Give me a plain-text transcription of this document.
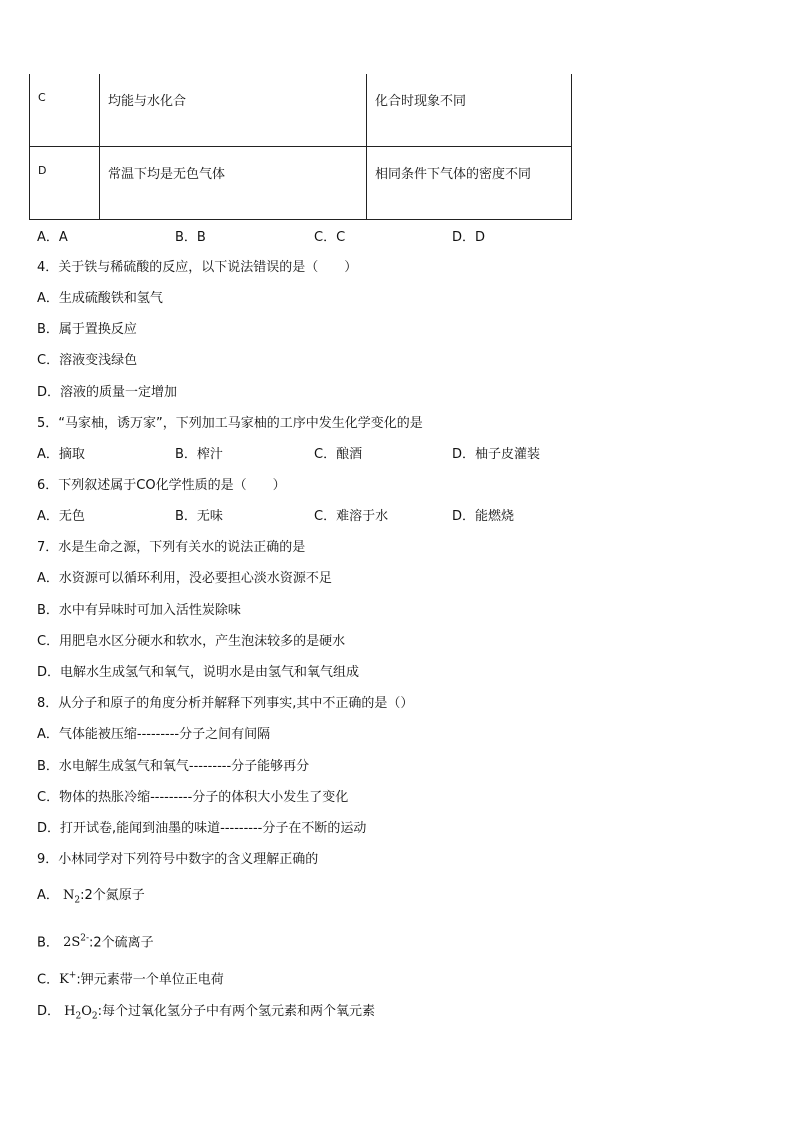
C	均能与水化合	化合时现象不同
D	常温下均是无色气体	相同条件下气体的密度不同
A．A	B．B	C．C	D．D
4．关于铁与稀硫酸的反应，以下说法错误的是（　　）
A．生成硫酸铁和氢气
B．属于置换反应
C．溶液变浅绿色
D．溶液的质量一定增加
5．“马家柚，诱万家”，下列加工马家柚的工序中发生化学变化的是
A．摘取	B．榨汁	C．酿酒	D．柚子皮灌装
6．下列叙述属于CO化学性质的是（　　）
A．无色	B．无味	C．难溶于水	D．能燃烧
7．水是生命之源，下列有关水的说法正确的是
A．水资源可以循环利用，没必要担心淡水资源不足
B．水中有异味时可加入活性炭除味
C．用肥皂水区分硬水和软水，产生泡沫较多的是硬水
D．电解水生成氢气和氧气，说明水是由氢气和氧气组成
8．从分子和原子的角度分析并解释下列事实,其中不正确的是（）
A．气体能被压缩---------分子之间有间隔
B．水电解生成氢气和氧气---------分子能够再分
C．物体的热胀冷缩---------分子的体积大小发生了变化
D．打开试卷,能闻到油墨的味道---------分子在不断的运动
9．小林同学对下列符号中数字的含义理解正确的
A． $N_2:2$个氮原子
B． $2S^{2-}:2$个硫离子
C．K+:钾元素带一个单位正电荷
D． $H_2O_2$:每个过氧化氢分子中有两个氢元素和两个氧元素
